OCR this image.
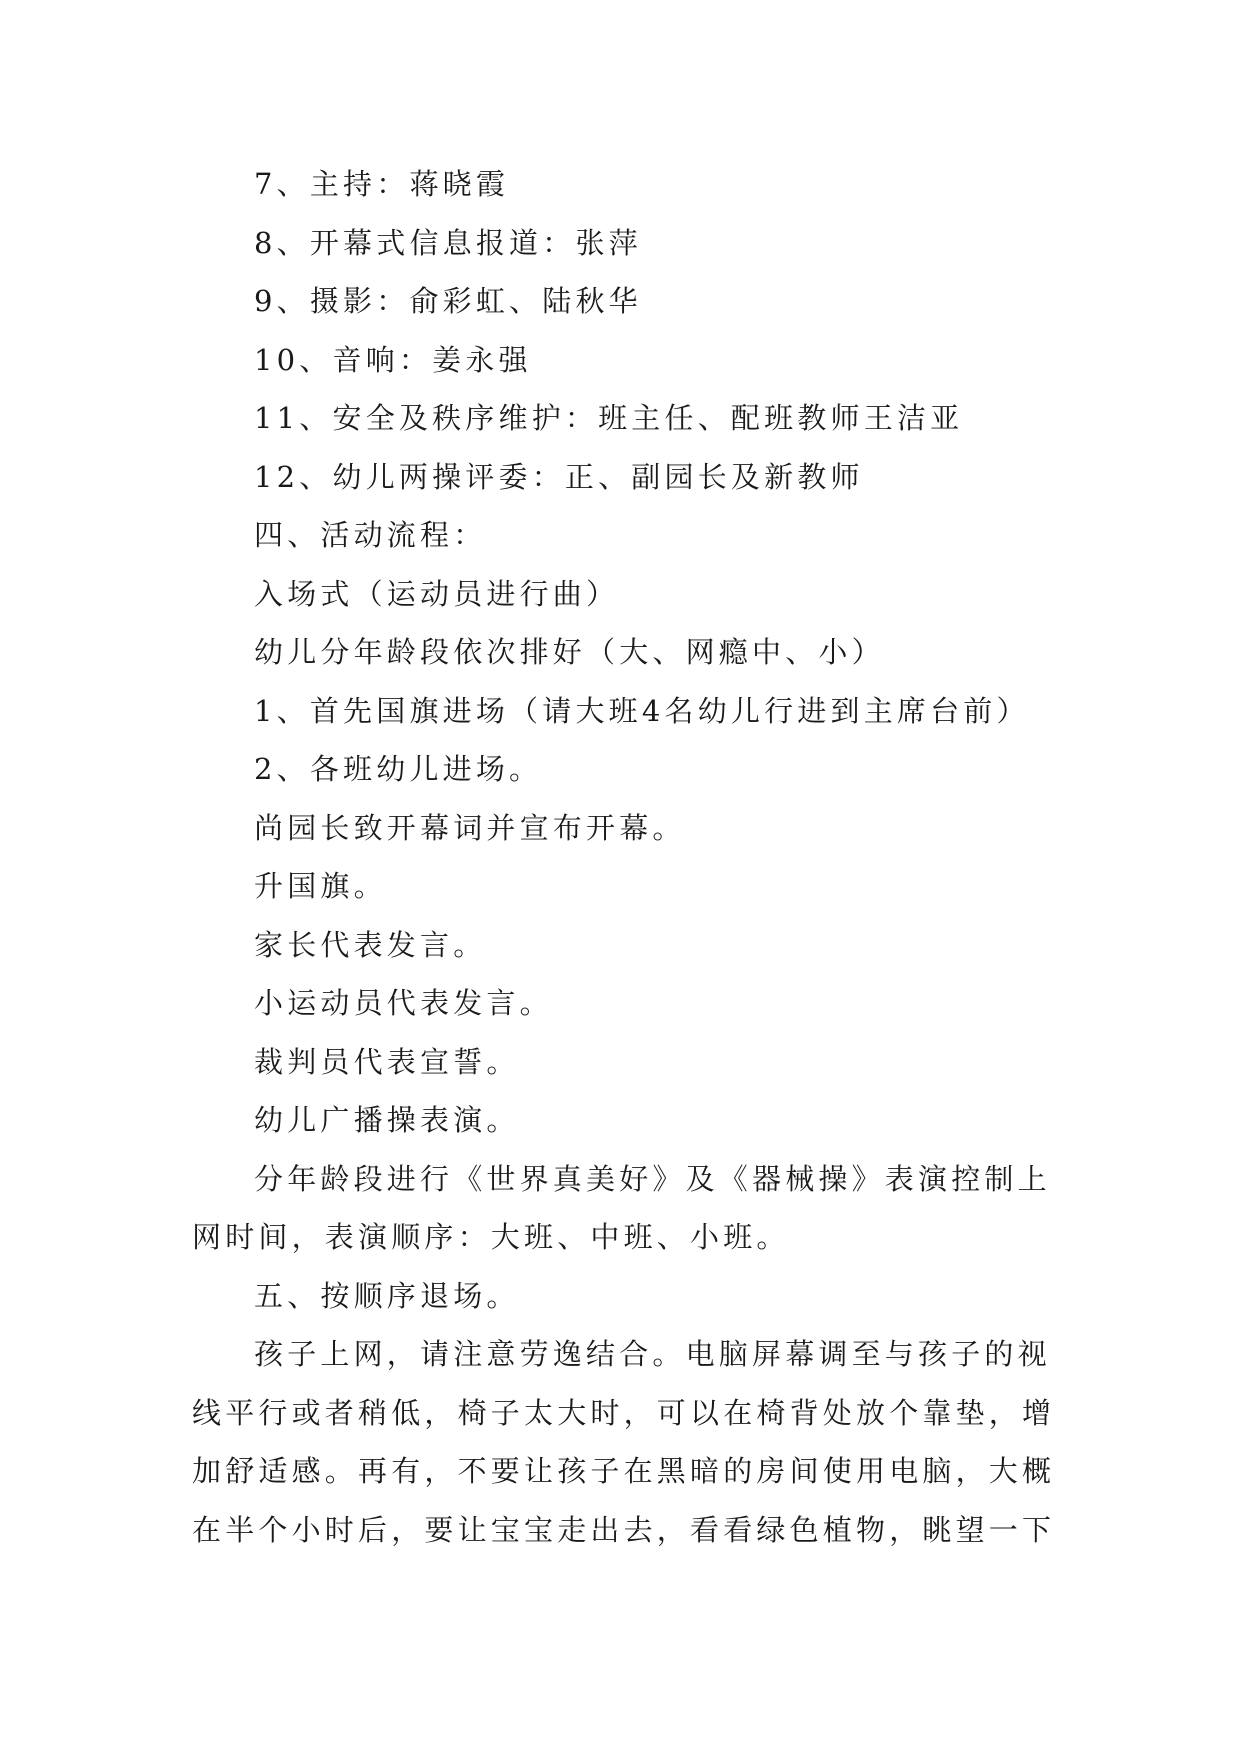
7、主持：蒋晓霞

8、开幕式信息报道：张萍

9、摄影：俞彩虹、陆秋华

10、音响：姜永强

11、安全及秩序维护：班主任、配班教师王洁亚

12、幼儿两操评委：正、副园长及新教师

四、活动流程：

入场式（运动员进行曲）

幼儿分年龄段依次排好（大、网瘾中、小）

1、首先国旗进场（请大班4名幼儿行进到主席台前）

2、各班幼儿进场。

尚园长致开幕词并宣布开幕。

升国旗。

家长代表发言。

小运动员代表发言。

裁判员代表宣誓。

幼儿广播操表演。

分年龄段进行《世界真美好》及《器械操》表演控制上

网时间，表演顺序：大班、中班、小班。

五、按顺序退场。

孩子上网，请注意劳逸结合。电脑屏幕调至与孩子的视

线平行或者稍低，椅子太大时，可以在椅背处放个靠垫，增

加舒适感。再有，不要让孩子在黑暗的房间使用电脑，大概

在半个小时后，要让宝宝走出去，看看绿色植物，眺望一下
